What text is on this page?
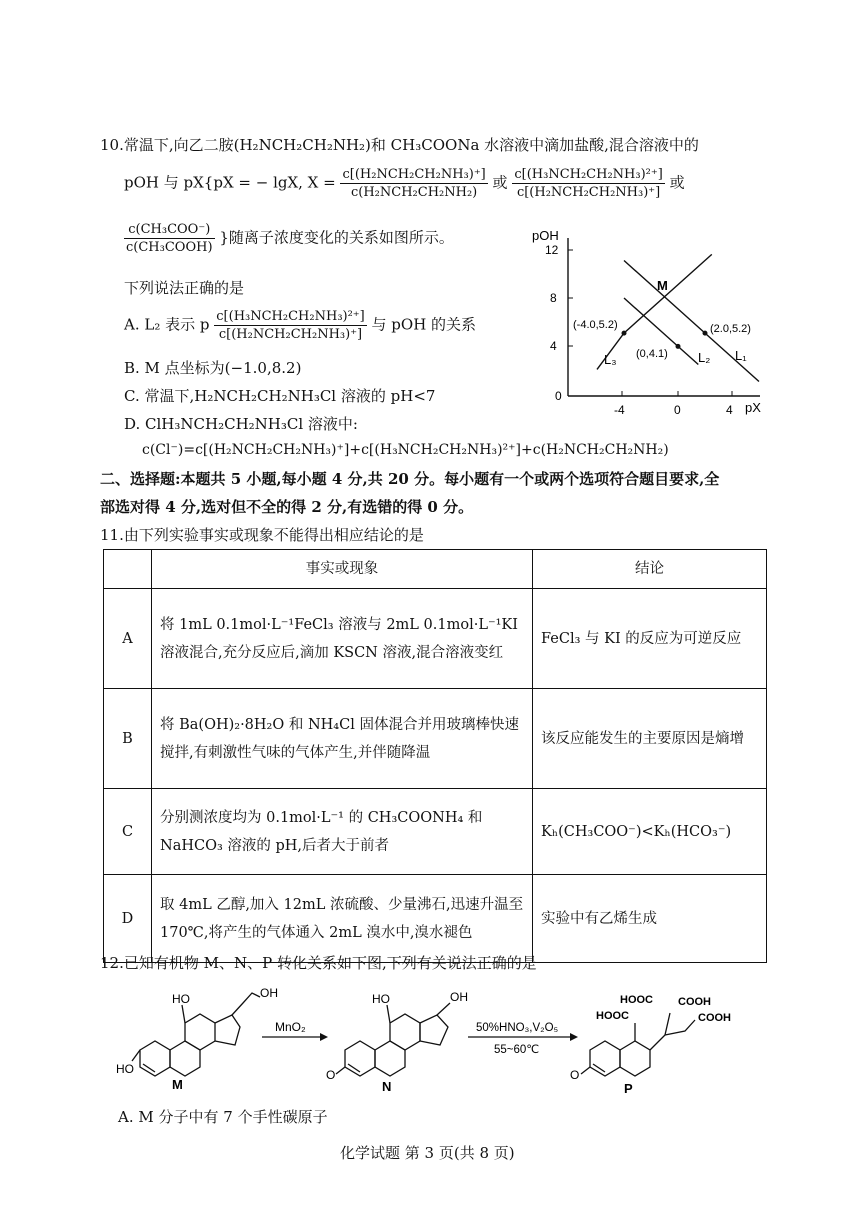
10.常温下,向乙二胺(H₂NCH₂CH₂NH₂)和 CH₃COONa 水溶液中滴加盐酸,混合溶液中的
pOH 与 pX{pX = − lgX, $X = \frac{\text{c[(H₂NCH₂CH₂NH₃)⁺]}}{\text{c(H₂NCH₂CH₂NH₂)}}$ 或 $\frac{\text{c[(H₃NCH₂CH₂NH₃)²⁺]}}{\text{c[(H₂NCH₂CH₂NH₃)⁺]}}$ 或
$\frac{\text{c(CH₃COO⁻)}}{\text{c(CH₃COOH)}}$ }随离子浓度变化的关系如图所示。
下列说法正确的是
A. L₂ 表示 p $\frac{\text{c[(H₃NCH₂CH₂NH₃)²⁺]}}{\text{c[(H₂NCH₂CH₂NH₃)⁺]}}$ 与 pOH 的关系
B. M 点坐标为(−1.0,8.2)
C. 常温下,H₂NCH₂CH₂NH₃Cl 溶液的 pH<7
D. ClH₃NCH₂CH₂NH₃Cl 溶液中:
c(Cl⁻)=c[(H₂NCH₂CH₂NH₃)⁺]+c[(H₃NCH₂CH₂NH₃)²⁺]+c(H₂NCH₂CH₂NH₂)
pOH
pX
12
8
4
0
-4	0	4
(-4.0,5.2)
(0,4.1)
(2.0,5.2)
L₃	L₂ L₁
M
二、选择题:本题共 5 小题,每小题 4 分,共 20 分。每小题有一个或两个选项符合题目要求,全
部选对得 4 分,选对但不全的得 2 分,有选错的得 0 分。
11.由下列实验事实或现象不能得出相应结论的是
	事实或现象	结论
A	将 1mL 0.1mol·L⁻¹FeCl₃ 溶液与 2mL 0.1mol·L⁻¹KI 溶液混合,充分反应后,滴加 KSCN 溶液,混合溶液变红	FeCl₃ 与 KI 的反应为可逆反应
B	将 Ba(OH)₂·8H₂O 和 NH₄Cl 固体混合并用玻璃棒快速搅拌,有刺激性气味的气体产生,并伴随降温	该反应能发生的主要原因是熵增
C	分别测浓度均为 0.1mol·L⁻¹ 的 CH₃COONH₄ 和 NaHCO₃ 溶液的 pH,后者大于前者	Kₕ(CH₃COO⁻)<Kₕ(HCO₃⁻)
D	取 4mL 乙醇,加入 12mL 浓硫酸、少量沸石,迅速升温至 170℃,将产生的气体通入 2mL 溴水中,溴水褪色	实验中有乙烯生成
12.已知有机物 M、N、P 转化关系如下图,下列有关说法正确的是
HO	OH
HO
M
MnO₂
HO	OH
O
N
50%HNO₃,V₂O₅
55~60℃
HOOC
HOOC
COOH
COOH
O
P
A. M 分子中有 7 个手性碳原子
化学试题 第 3 页(共 8 页)
